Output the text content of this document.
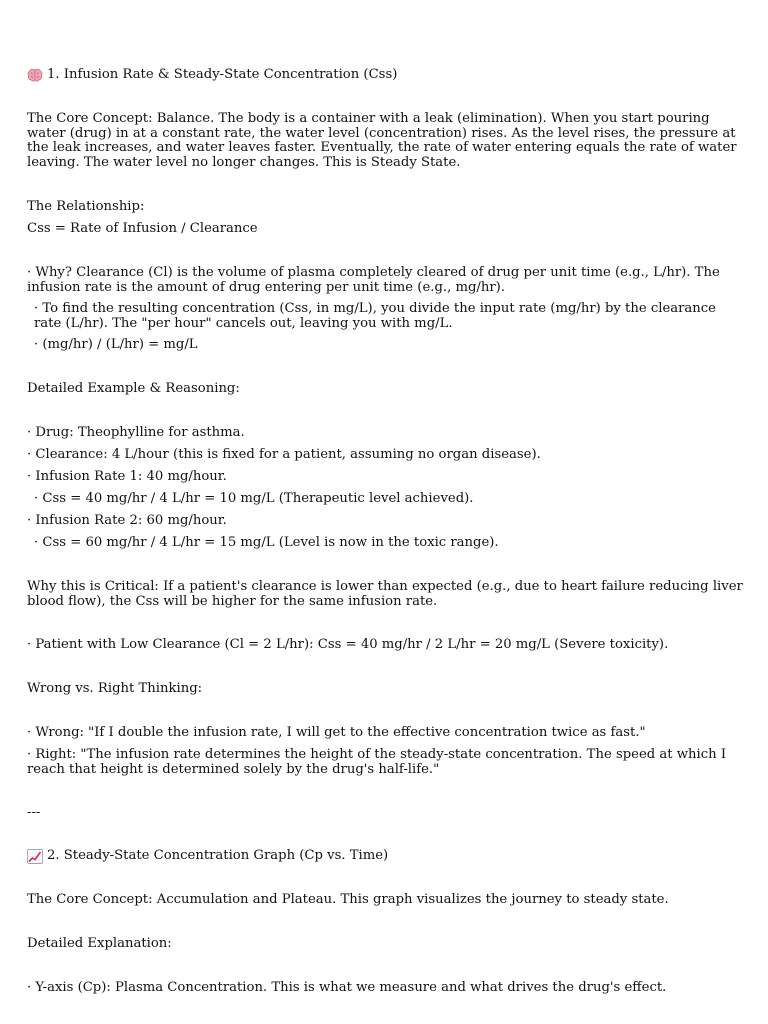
1. Infusion Rate & Steady-State Concentration (Css)

The Core Concept: Balance. The body is a container with a leak (elimination). When you start pouring water (drug) in at a constant rate, the water level (concentration) rises. As the level rises, the pressure at the leak increases, and water leaves faster. Eventually, the rate of water entering equals the rate of water leaving. The water level no longer changes. This is Steady State.

The Relationship:

Css = Rate of Infusion / Clearance

· Why? Clearance (Cl) is the volume of plasma completely cleared of drug per unit time (e.g., L/hr). The infusion rate is the amount of drug entering per unit time (e.g., mg/hr).

· To find the resulting concentration (Css, in mg/L), you divide the input rate (mg/hr) by the clearance rate (L/hr). The "per hour" cancels out, leaving you with mg/L.

· (mg/hr) / (L/hr) = mg/L

Detailed Example & Reasoning:

· Drug: Theophylline for asthma.

· Clearance: 4 L/hour (this is fixed for a patient, assuming no organ disease).

· Infusion Rate 1: 40 mg/hour.

· Css = 40 mg/hr / 4 L/hr = 10 mg/L (Therapeutic level achieved).

· Infusion Rate 2: 60 mg/hour.

· Css = 60 mg/hr / 4 L/hr = 15 mg/L (Level is now in the toxic range).

Why this is Critical: If a patient's clearance is lower than expected (e.g., due to heart failure reducing liver blood flow), the Css will be higher for the same infusion rate.

· Patient with Low Clearance (Cl = 2 L/hr): Css = 40 mg/hr / 2 L/hr = 20 mg/L (Severe toxicity).

Wrong vs. Right Thinking:

· Wrong: "If I double the infusion rate, I will get to the effective concentration twice as fast."

· Right: "The infusion rate determines the height of the steady-state concentration. The speed at which I reach that height is determined solely by the drug's half-life."

---

2. Steady-State Concentration Graph (Cp vs. Time)

The Core Concept: Accumulation and Plateau. This graph visualizes the journey to steady state.

Detailed Explanation:

· Y-axis (Cp): Plasma Concentration. This is what we measure and what drives the drug's effect.
